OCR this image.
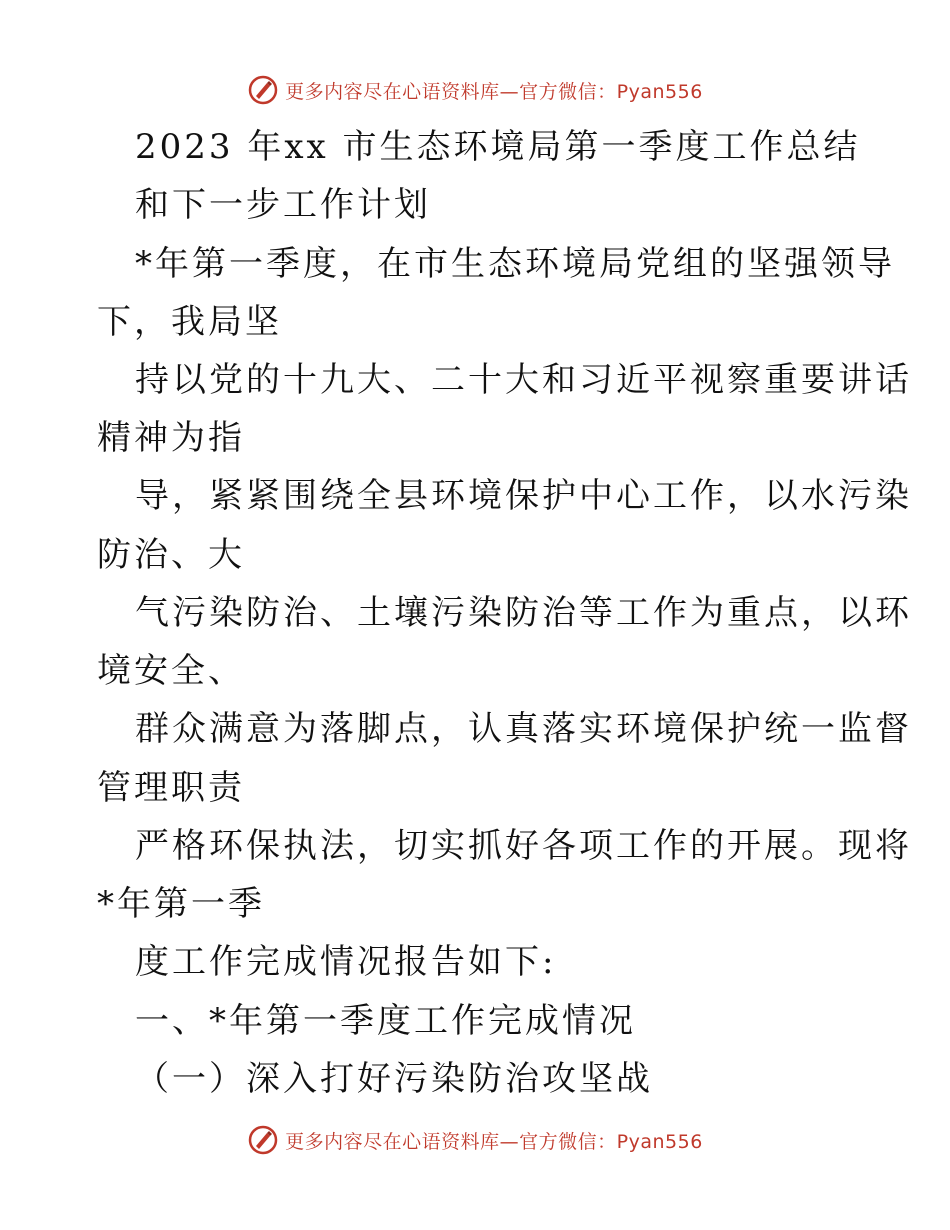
更多内容尽在心语资料库—官方微信：Pyan556
2023 年xx 市生态环境局第一季度工作总结
和下一步工作计划
*年第一季度，在市生态环境局党组的坚强领导
下，我局坚
持以党的十九大、二十大和习近平视察重要讲话
精神为指
导，紧紧围绕全县环境保护中心工作，以水污染
防治、大
气污染防治、土壤污染防治等工作为重点，以环
境安全、
群众满意为落脚点，认真落实环境保护统一监督
管理职责
严格环保执法，切实抓好各项工作的开展。现将
*年第一季
度工作完成情况报告如下:
一、*年第一季度工作完成情况
（一）深入打好污染防治攻坚战
更多内容尽在心语资料库—官方微信：Pyan556
